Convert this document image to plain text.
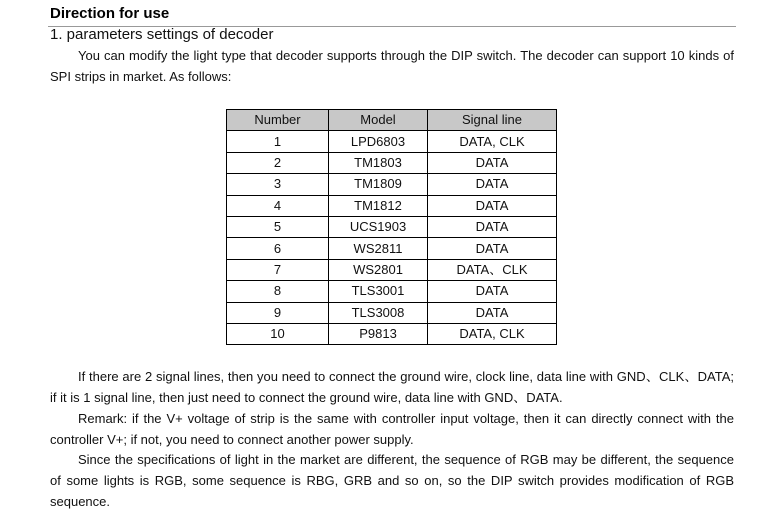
Direction for use
1. parameters settings of decoder
You can modify the light type that decoder supports through the DIP switch. The decoder can support 10 kinds of SPI strips in market. As follows:
Number	Model	Signal line
1	LPD6803	DATA, CLK
2	TM1803	DATA
3	TM1809	DATA
4	TM1812	DATA
5	UCS1903	DATA
6	WS2811	DATA
7	WS2801	DATA、CLK
8	TLS3001	DATA
9	TLS3008	DATA
10	P9813	DATA, CLK
If there are 2 signal lines, then you need to connect the ground wire, clock line, data line with GND、CLK、DATA; if it is 1 signal line, then just need to connect the ground wire, data line with GND、DATA.
Remark: if the V+ voltage of strip is the same with controller input voltage, then it can directly connect with the controller V+; if not, you need to connect another power supply.
Since the specifications of light in the market are different, the sequence of RGB may be different, the sequence of some lights is RGB, some sequence is RBG, GRB and so on, so the DIP switch provides modification of RGB sequence.
